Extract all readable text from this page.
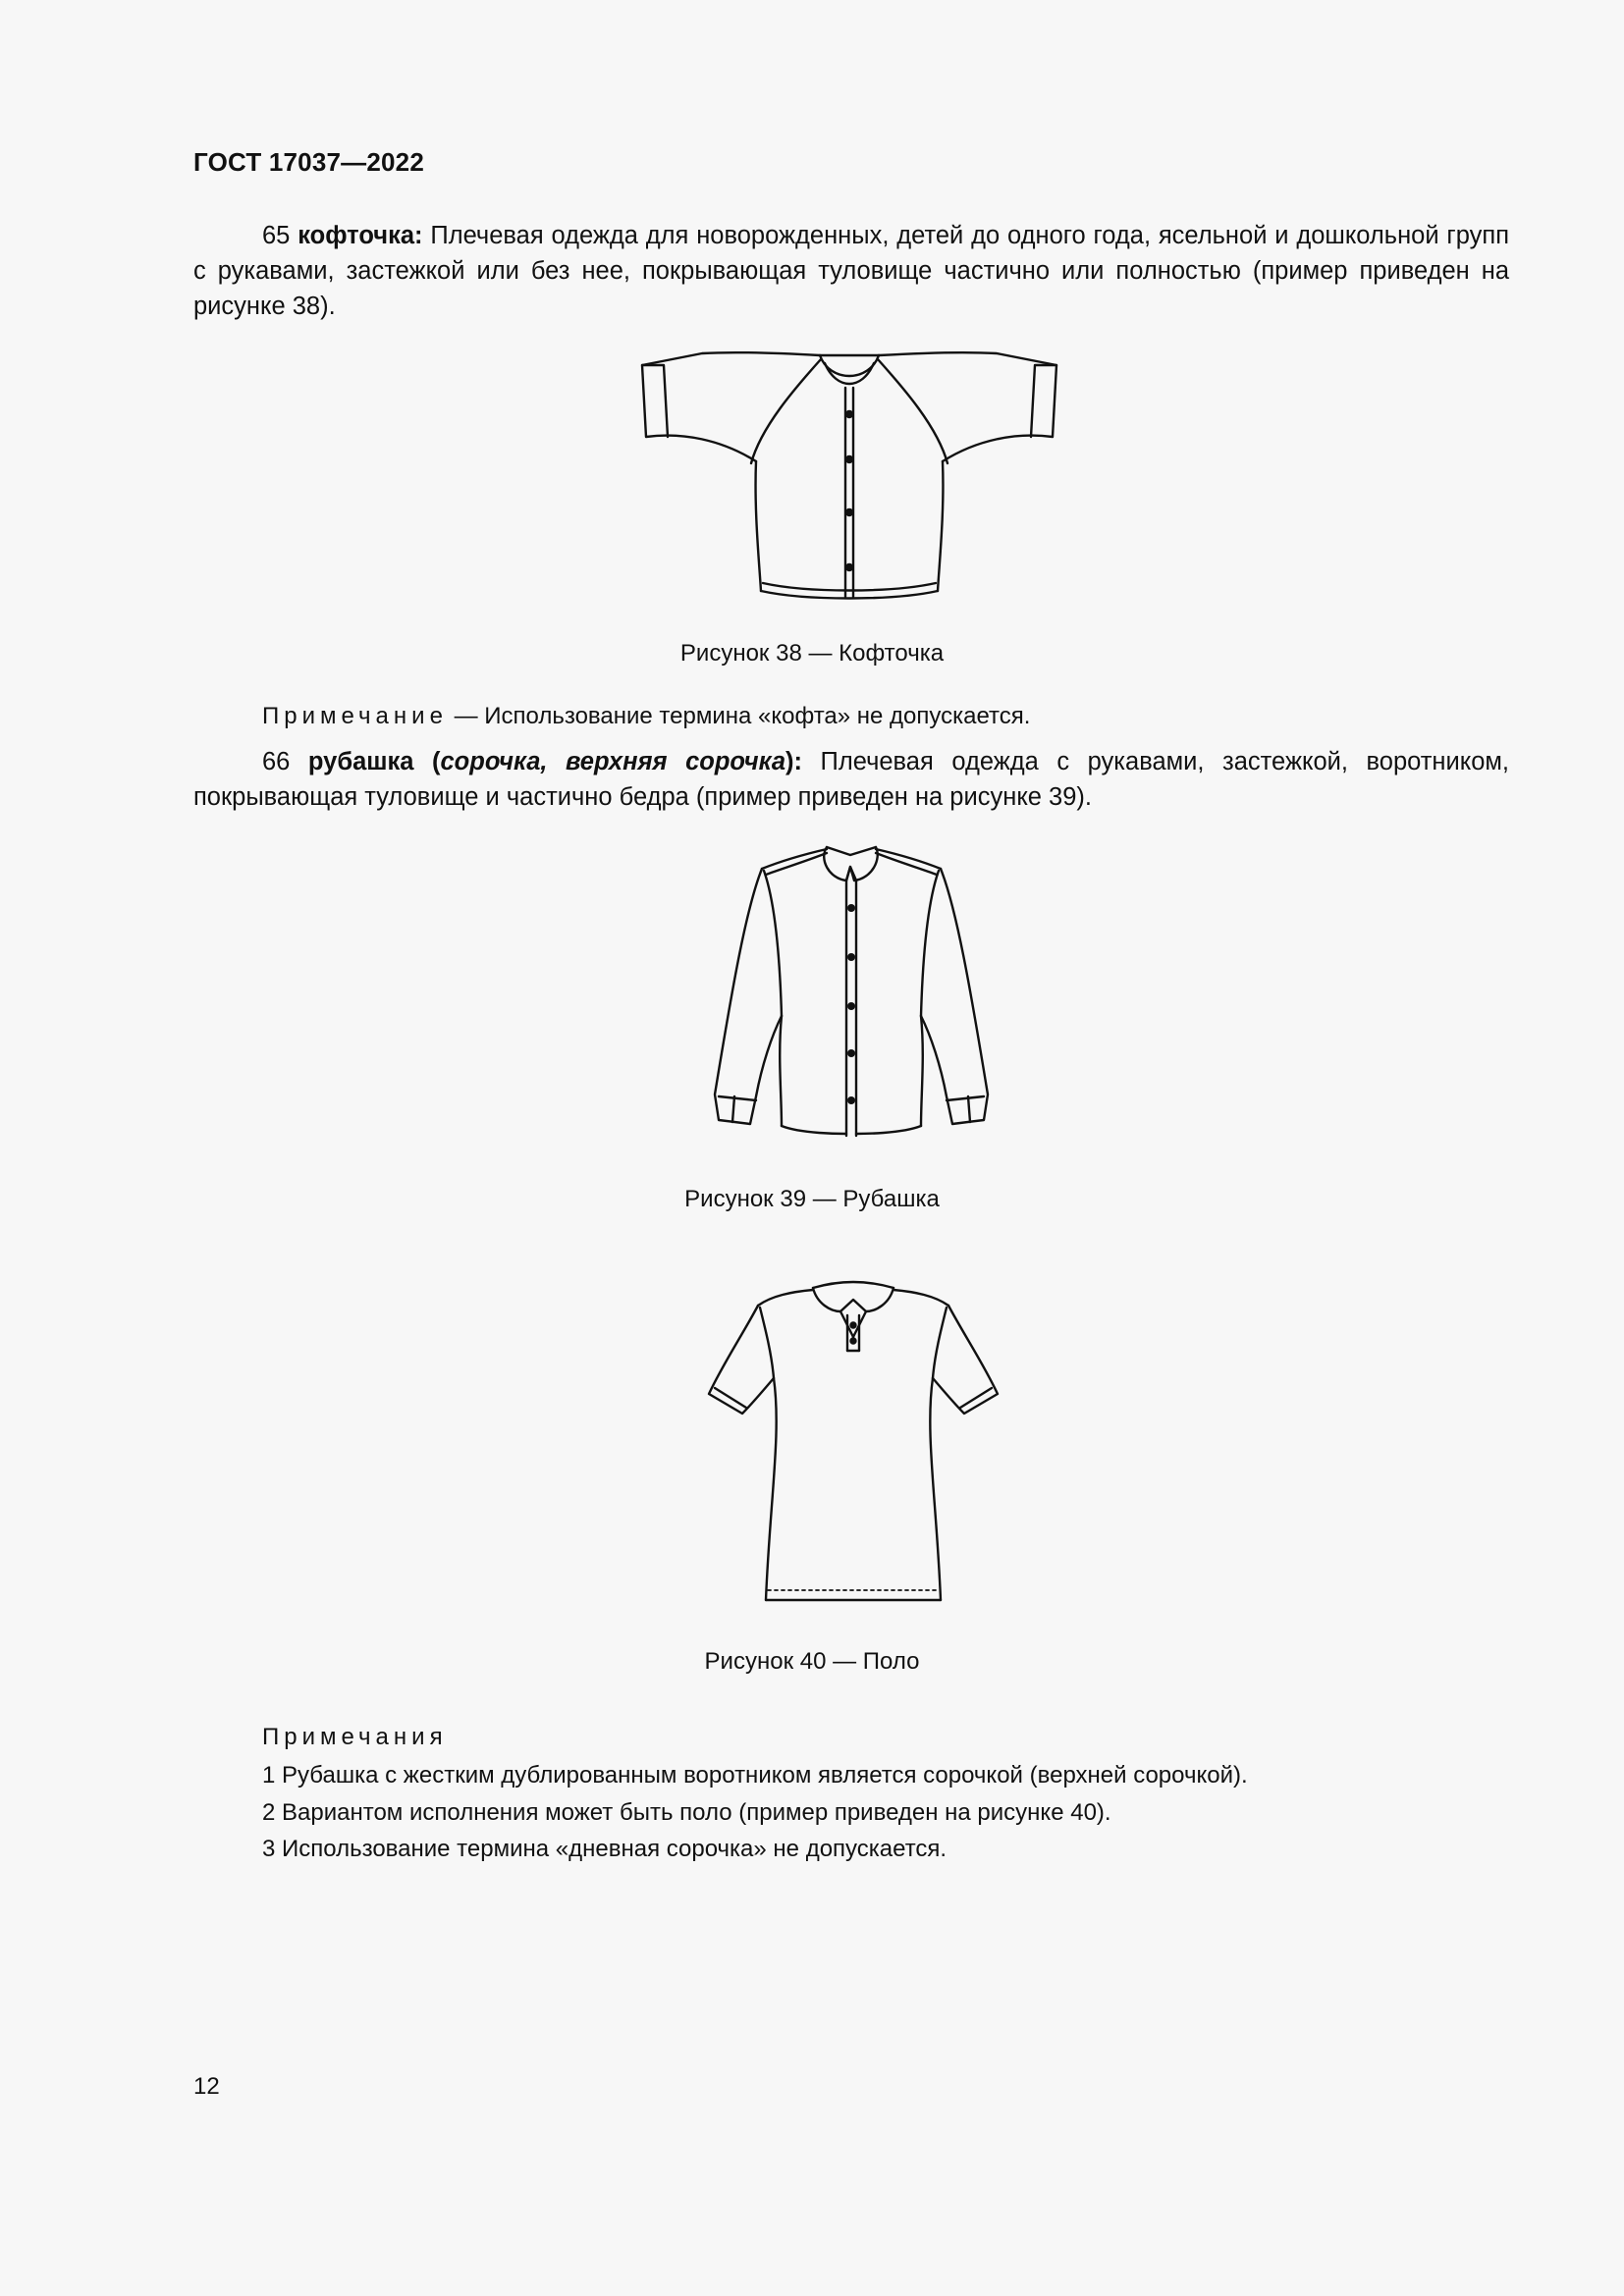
ГОСТ 17037—2022

65 кофточка: Плечевая одежда для новорожденных, детей до одного года, ясельной и дошкольной групп с рукавами, застежкой или без нее, покрывающая туловище частично или полностью (пример приведен на рисунке 38).

Рисунок 38 — Кофточка

Примечание — Использование термина «кофта» не допускается.

66 рубашка (сорочка, верхняя сорочка): Плечевая одежда с рукавами, застежкой, воротником, покрывающая туловище и частично бедра (пример приведен на рисунке 39).

Рисунок 39 — Рубашка
Рисунок 40 — Поло
Примечания
1 Рубашка с жестким дублированным воротником является сорочкой (верхней сорочкой).
2 Вариантом исполнения может быть поло (пример приведен на рисунке 40).
3 Использование термина «дневная сорочка» не допускается.
12
